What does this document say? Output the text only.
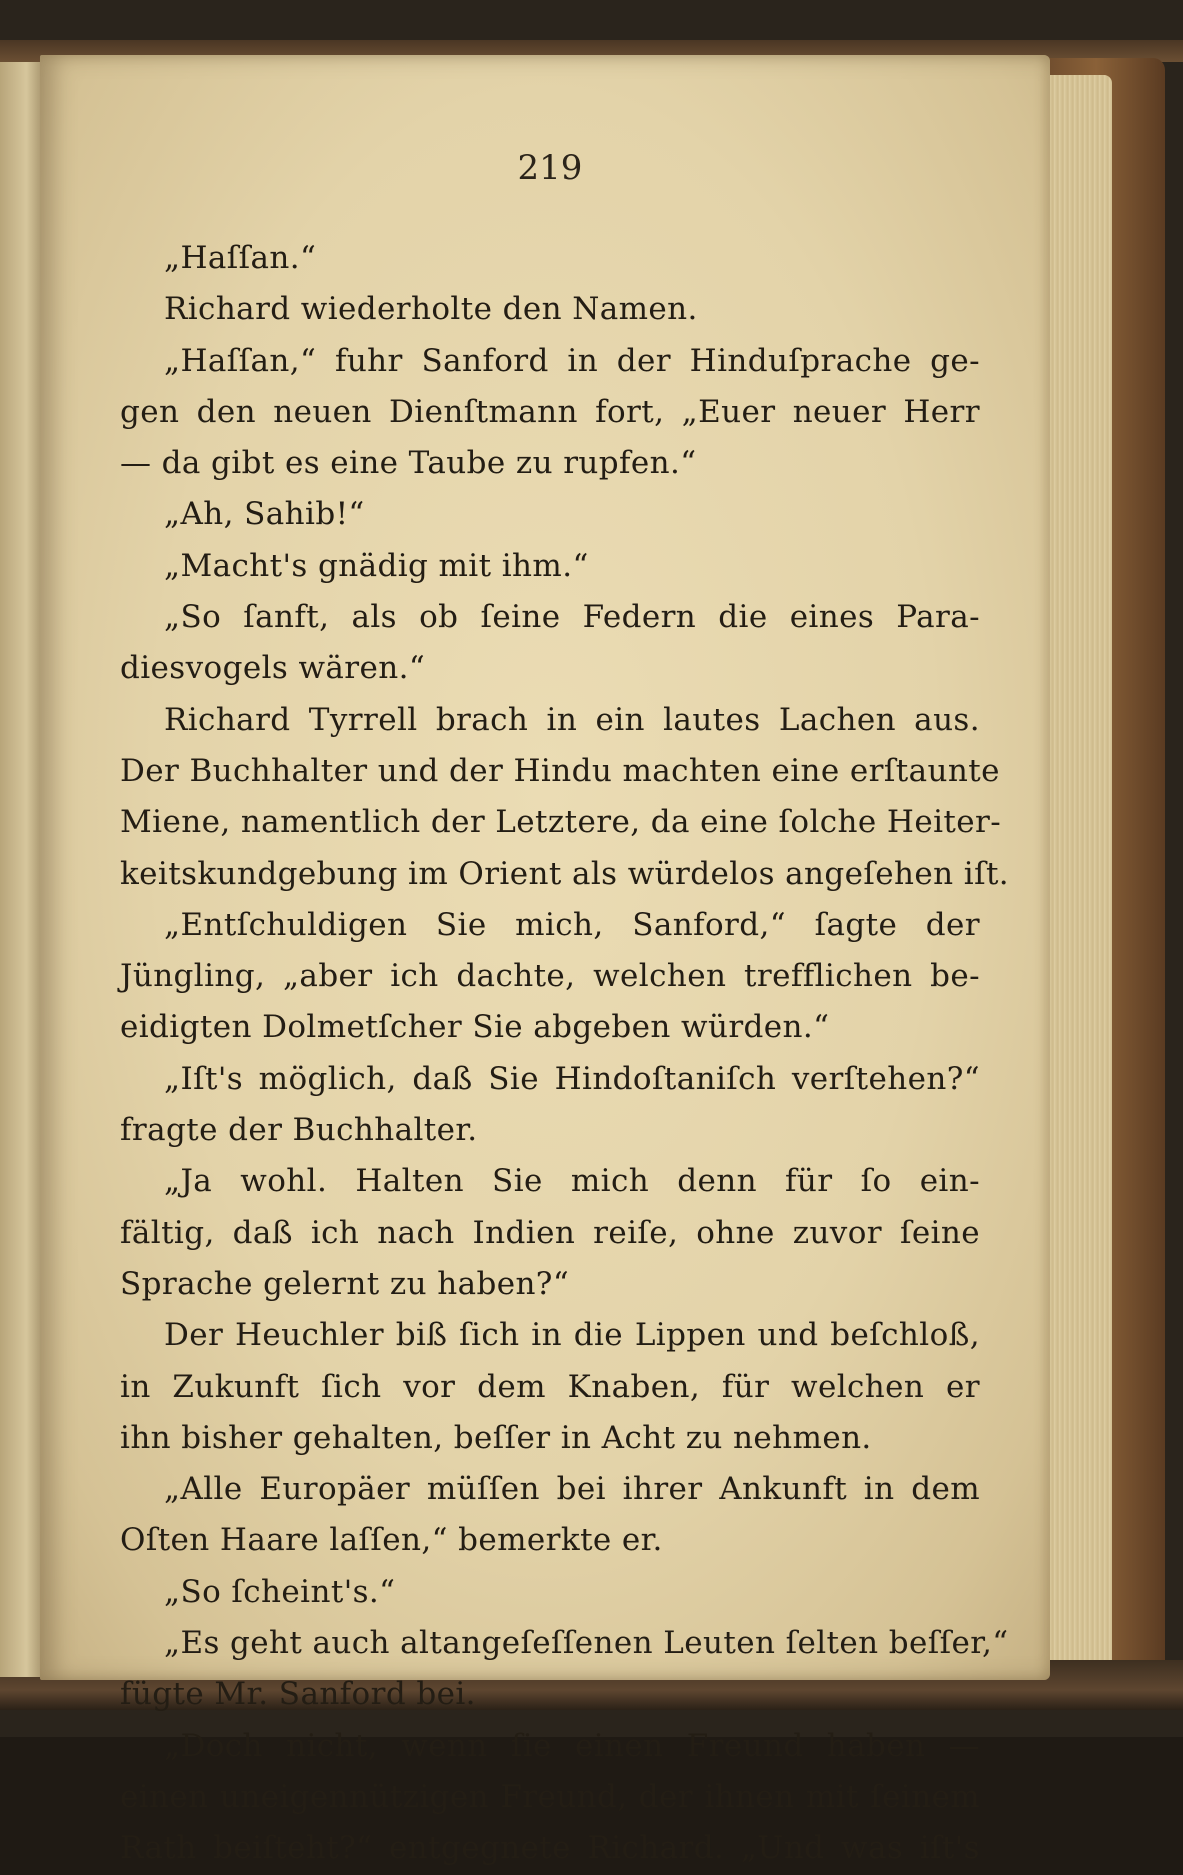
219
„Haſſan.“
Richard wiederholte den Namen.
„Haſſan,“ fuhr Sanford in der Hinduſprache ge-
gen den neuen Dienſtmann fort, „Euer neuer Herr
— da gibt es eine Taube zu rupfen.“
„Ah, Sahib!“
„Macht's gnädig mit ihm.“
„So ſanft, als ob ſeine Federn die eines Para-
diesvogels wären.“
Richard Tyrrell brach in ein lautes Lachen aus.
Der Buchhalter und der Hindu machten eine erſtaunte
Miene, namentlich der Letztere, da eine ſolche Heiter-
keitskundgebung im Orient als würdelos angeſehen iſt.
„Entſchuldigen Sie mich, Sanford,“ ſagte der
Jüngling, „aber ich dachte, welchen trefflichen be-
eidigten Dolmetſcher Sie abgeben würden.“
„Iſt's möglich, daß Sie Hindoſtaniſch verſtehen?“
fragte der Buchhalter.
„Ja wohl. Halten Sie mich denn für ſo ein-
fältig, daß ich nach Indien reiſe, ohne zuvor ſeine
Sprache gelernt zu haben?“
Der Heuchler biß ſich in die Lippen und beſchloß,
in Zukunft ſich vor dem Knaben, für welchen er
ihn bisher gehalten, beſſer in Acht zu nehmen.
„Alle Europäer müſſen bei ihrer Ankunft in dem
Oſten Haare laſſen,“ bemerkte er.
„So ſcheint's.“
„Es geht auch altangeſeſſenen Leuten ſelten beſſer,“
fügte Mr. Sanford bei.
„Doch nicht, wenn ſie einen Freund haben —
einen uneigennützigen Freund, der ihnen mit ſeinem
Rath beiſteht?“ entgegnete Richard. „Und was iſt's
